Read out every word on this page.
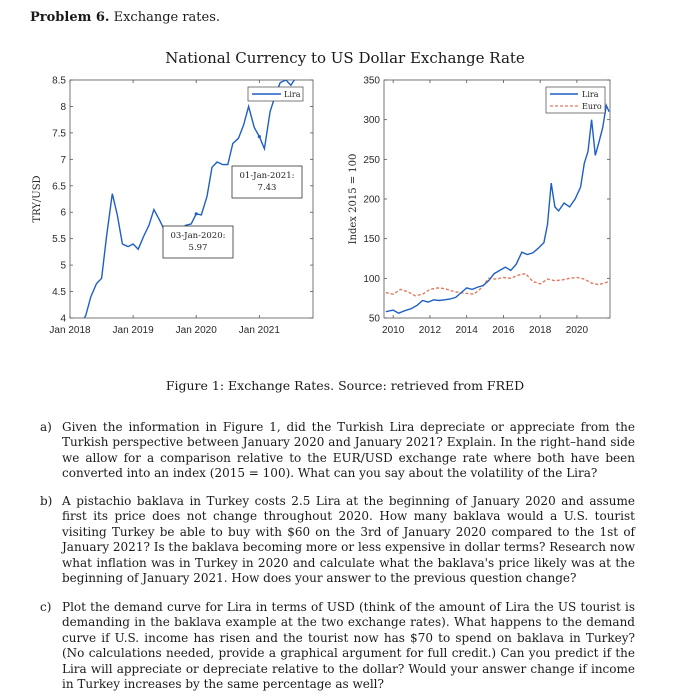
Problem 6. Exchange rates.
National Currency to US Dollar Exchange Rate
4
4.5
5
5.5
6
6.5
7
7.5
8
8.5
Jan 2018 Jan 2019 Jan 2020 Jan 2021
TRY/USD
03-Jan-2020:
5.97
01-Jan-2021:
7.43
Lira
50
100
150
200
250
300
350
2010 2012 2014 2016 2018 2020
Index 2015 = 100
Lira
Euro
Figure 1: Exchange Rates. Source: retrieved from FRED
a) Given the information in Figure 1, did the Turkish Lira depreciate or appreciate from the Turkish perspective between January 2020 and January 2021? Explain. In the right–hand side we allow for a comparison relative to the EUR/USD exchange rate where both have been converted into an index (2015 = 100). What can you say about the volatility of the Lira?
b) A pistachio baklava in Turkey costs 2.5 Lira at the beginning of January 2020 and assume first its price does not change throughout 2020. How many baklava would a U.S. tourist visiting Turkey be able to buy with $60 on the 3rd of January 2020 compared to the 1st of January 2021? Is the baklava becoming more or less expensive in dollar terms? Research now what inflation was in Turkey in 2020 and calculate what the baklava's price likely was at the beginning of January 2021. How does your answer to the previous question change?
c) Plot the demand curve for Lira in terms of USD (think of the amount of Lira the US tourist is demanding in the baklava example at the two exchange rates). What happens to the demand curve if U.S. income has risen and the tourist now has $70 to spend on baklava in Turkey? (No calculations needed, provide a graphical argument for full credit.) Can you predict if the Lira will appreciate or depreciate relative to the dollar? Would your answer change if income in Turkey increases by the same percentage as well?
